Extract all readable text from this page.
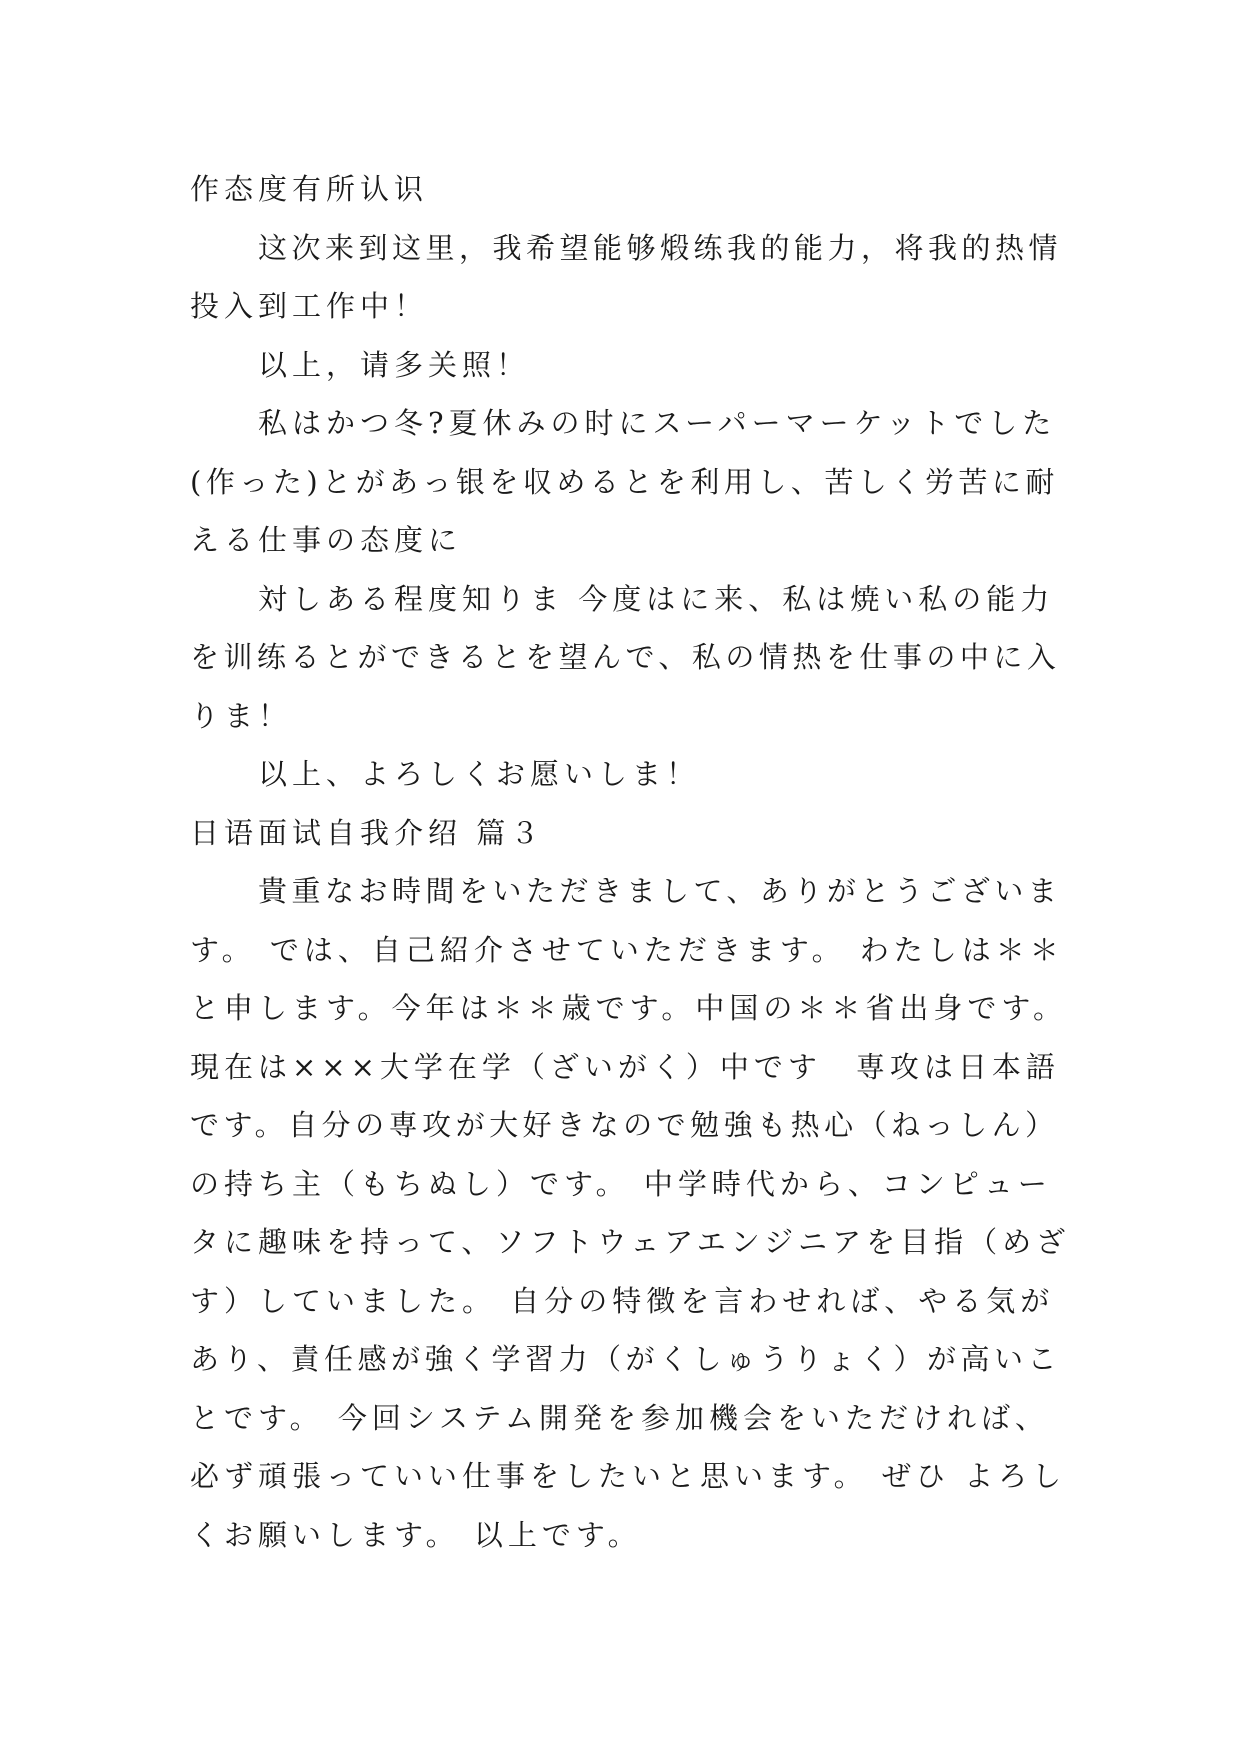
作态度有所认识
这次来到这里，我希望能够煅练我的能力，将我的热情
投入到工作中！
以上，请多关照！
私はかつ冬?夏休みの时にスーパーマーケットでした
(作った)とがあっ银を収めるとを利用し、苦しく労苦に耐
える仕事の态度に
対しある程度知りま 今度はに来、私は焼い私の能力
を训练るとができるとを望んで、私の情热を仕事の中に入
りま！
以上、よろしくお愿いしま！
日语面试自我介绍 篇３
貴重なお時間をいただきまして、ありがとうございま
す。 では、自己紹介させていただきます。 わたしは＊＊
と申します。今年は＊＊歳です。中国の＊＊省出身です。
現在は×××大学在学（ざいがく）中です　専攻は日本語
です。自分の専攻が大好きなので勉強も热心（ねっしん）
の持ち主（もちぬし）です。 中学時代から、コンピュー
タに趣味を持って、ソフトウェアエンジニアを目指（めざ
す）していました。 自分の特徴を言わせれば、やる気が
あり、責任感が強く学習力（がくしゅうりょく）が高いこ
とです。 今回システム開発を参加機会をいただければ、
必ず頑張っていい仕事をしたいと思います。 ぜひ よろし
くお願いします。 以上です。
